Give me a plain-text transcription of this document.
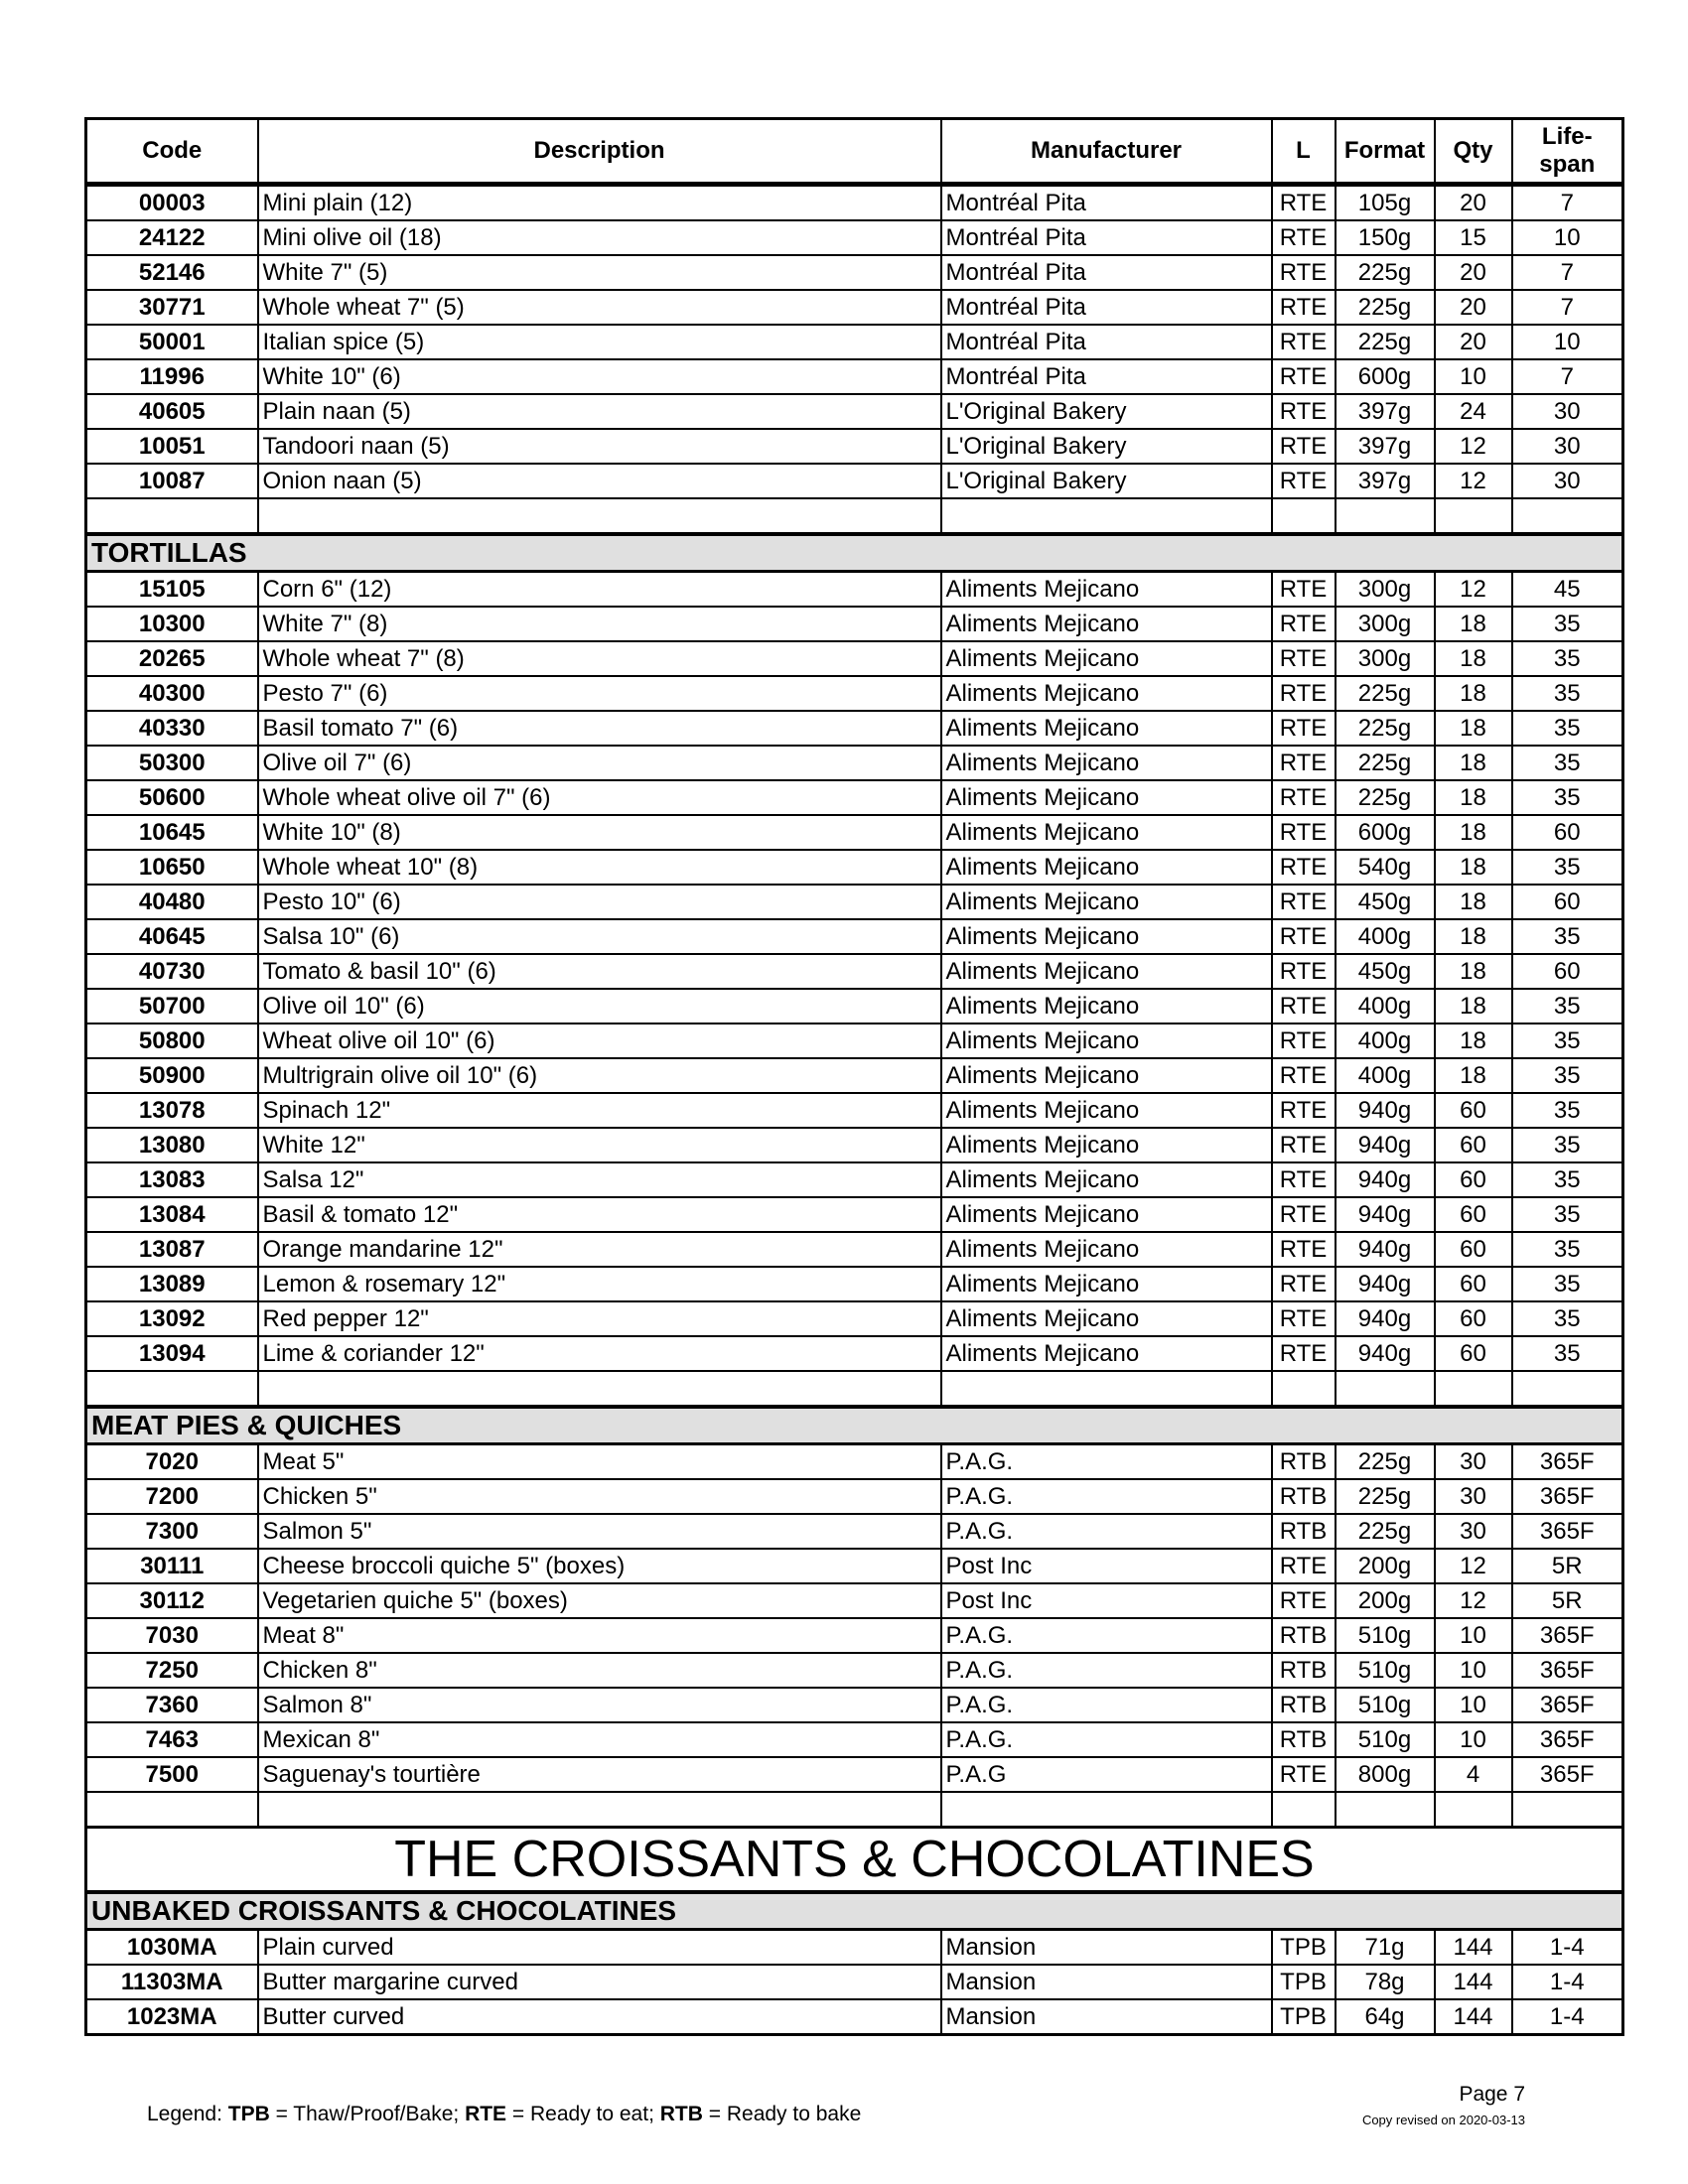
Code	Description	Manufacturer	L	Format	Qty	Life-span
00003	Mini plain (12)	Montréal Pita	RTE	105g	20	7
24122	Mini olive oil (18)	Montréal Pita	RTE	150g	15	10
52146	White 7" (5)	Montréal Pita	RTE	225g	20	7
30771	Whole wheat 7" (5)	Montréal Pita	RTE	225g	20	7
50001	Italian spice (5)	Montréal Pita	RTE	225g	20	10
11996	White 10" (6)	Montréal Pita	RTE	600g	10	7
40605	Plain naan (5)	L'Original Bakery	RTE	397g	24	30
10051	Tandoori naan (5)	L'Original Bakery	RTE	397g	12	30
10087	Onion naan (5)	L'Original Bakery	RTE	397g	12	30

TORTILLAS						
15105	Corn 6" (12)	Aliments Mejicano	RTE	300g	12	45
10300	White 7" (8)	Aliments Mejicano	RTE	300g	18	35
20265	Whole wheat 7" (8)	Aliments Mejicano	RTE	300g	18	35
40300	Pesto 7" (6)	Aliments Mejicano	RTE	225g	18	35
40330	Basil tomato 7" (6)	Aliments Mejicano	RTE	225g	18	35
50300	Olive oil 7" (6)	Aliments Mejicano	RTE	225g	18	35
50600	Whole wheat olive oil 7" (6)	Aliments Mejicano	RTE	225g	18	35
10645	White 10" (8)	Aliments Mejicano	RTE	600g	18	60
10650	Whole wheat 10" (8)	Aliments Mejicano	RTE	540g	18	35
40480	Pesto 10" (6)	Aliments Mejicano	RTE	450g	18	60
40645	Salsa 10" (6)	Aliments Mejicano	RTE	400g	18	35
40730	Tomato & basil 10" (6)	Aliments Mejicano	RTE	450g	18	60
50700	Olive oil 10" (6)	Aliments Mejicano	RTE	400g	18	35
50800	Wheat olive oil 10" (6)	Aliments Mejicano	RTE	400g	18	35
50900	Multrigrain olive oil 10" (6)	Aliments Mejicano	RTE	400g	18	35
13078	Spinach 12"	Aliments Mejicano	RTE	940g	60	35
13080	White 12"	Aliments Mejicano	RTE	940g	60	35
13083	Salsa 12"	Aliments Mejicano	RTE	940g	60	35
13084	Basil & tomato 12"	Aliments Mejicano	RTE	940g	60	35
13087	Orange mandarine 12"	Aliments Mejicano	RTE	940g	60	35
13089	Lemon & rosemary 12"	Aliments Mejicano	RTE	940g	60	35
13092	Red pepper 12"	Aliments Mejicano	RTE	940g	60	35
13094	Lime & coriander 12"	Aliments Mejicano	RTE	940g	60	35

MEAT PIES & QUICHES						
7020	Meat 5"	P.A.G.	RTB	225g	30	365F
7200	Chicken 5"	P.A.G.	RTB	225g	30	365F
7300	Salmon 5"	P.A.G.	RTB	225g	30	365F
30111	Cheese broccoli quiche 5" (boxes)	Post Inc	RTE	200g	12	5R
30112	Vegetarien quiche 5" (boxes)	Post Inc	RTE	200g	12	5R
7030	Meat 8"	P.A.G.	RTB	510g	10	365F
7250	Chicken 8"	P.A.G.	RTB	510g	10	365F
7360	Salmon 8"	P.A.G.	RTB	510g	10	365F
7463	Mexican 8"	P.A.G.	RTB	510g	10	365F
7500	Saguenay's tourtière	P.A.G	RTE	800g	4	365F

THE CROISSANTS & CHOCOLATINES						
UNBAKED CROISSANTS & CHOCOLATINES						
1030MA	Plain curved	Mansion	TPB	71g	144	1-4
11303MA	Butter margarine curved	Mansion	TPB	78g	144	1-4
1023MA	Butter curved	Mansion	TPB	64g	144	1-4
Legend: TPB = Thaw/Proof/Bake; RTE = Ready to eat; RTB = Ready to bake
Page 7
Copy revised on 2020-03-13
